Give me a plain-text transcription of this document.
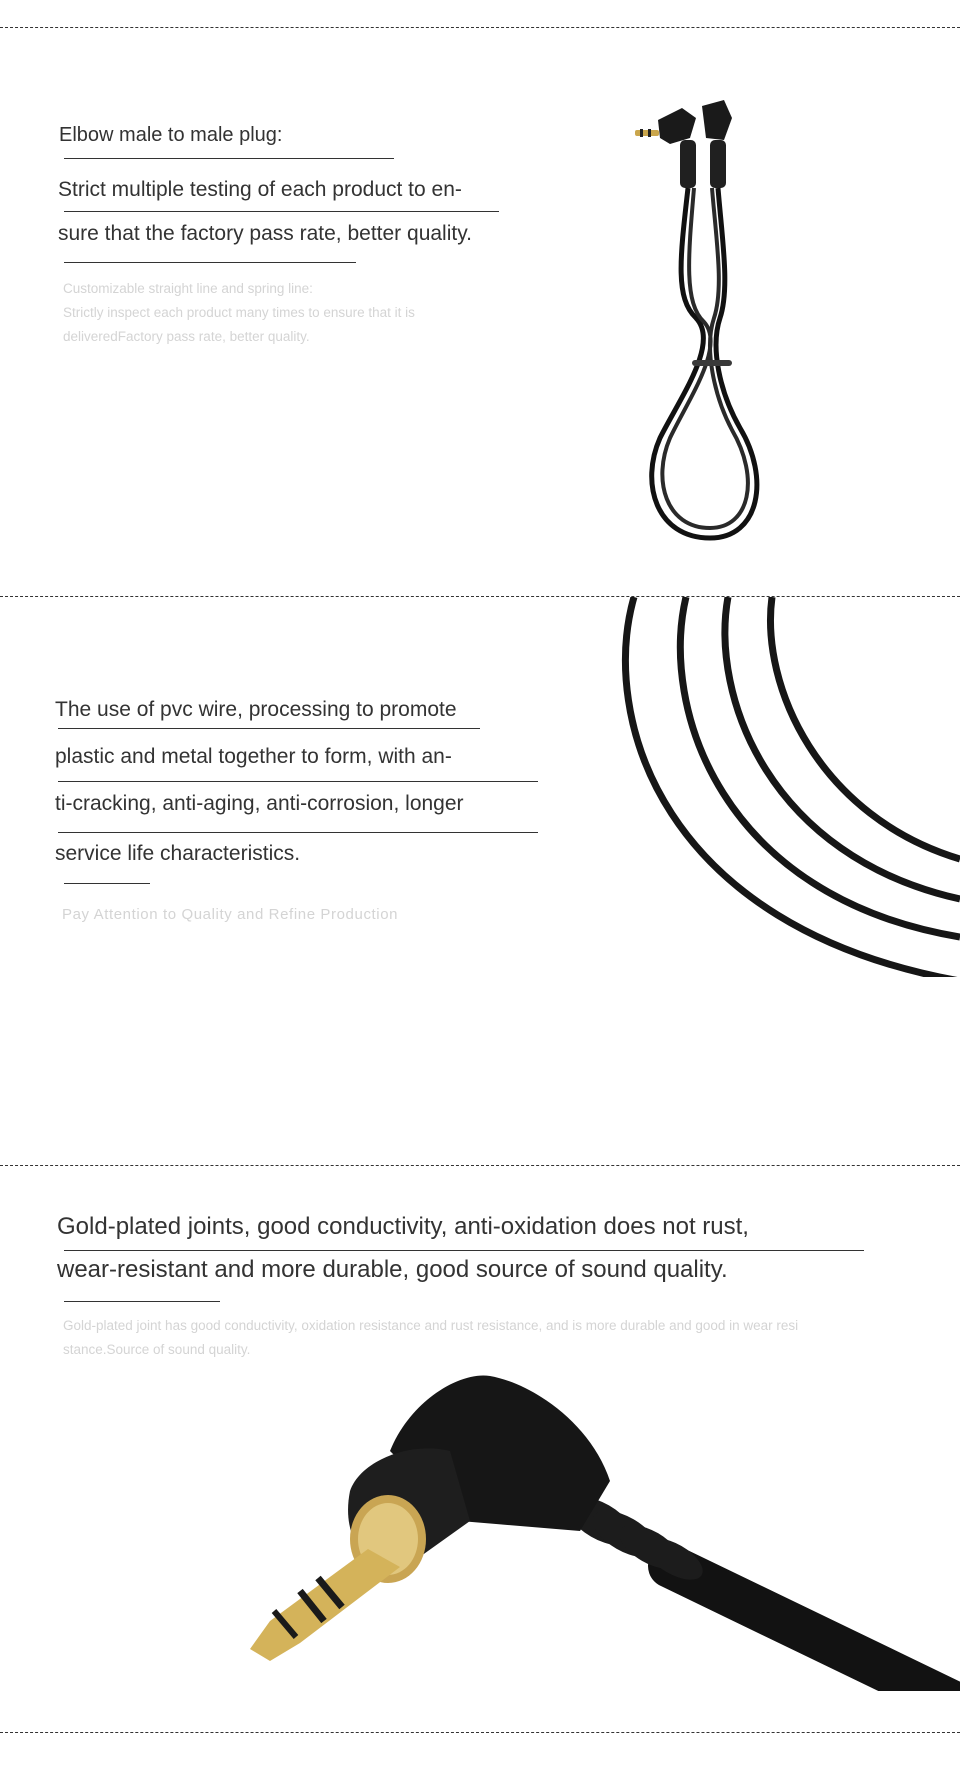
Elbow male to male plug:
Strict multiple testing of each product to en-
sure that the factory pass rate, better quality.
Customizable straight line and spring line:
Strictly inspect each product many times to ensure that it is
deliveredFactory pass rate, better quality.
The use of pvc wire, processing to promote
plastic and metal together to form, with an-
ti-cracking, anti-aging, anti-corrosion, longer
service life characteristics.
Pay Attention to Quality and Refine Production
Gold-plated joints, good conductivity, anti-oxidation does not rust,
wear-resistant and more durable, good source of sound quality.
Gold-plated joint has good conductivity, oxidation resistance and rust resistance, and is more durable and good in wear resi
stance.Source of sound quality.
